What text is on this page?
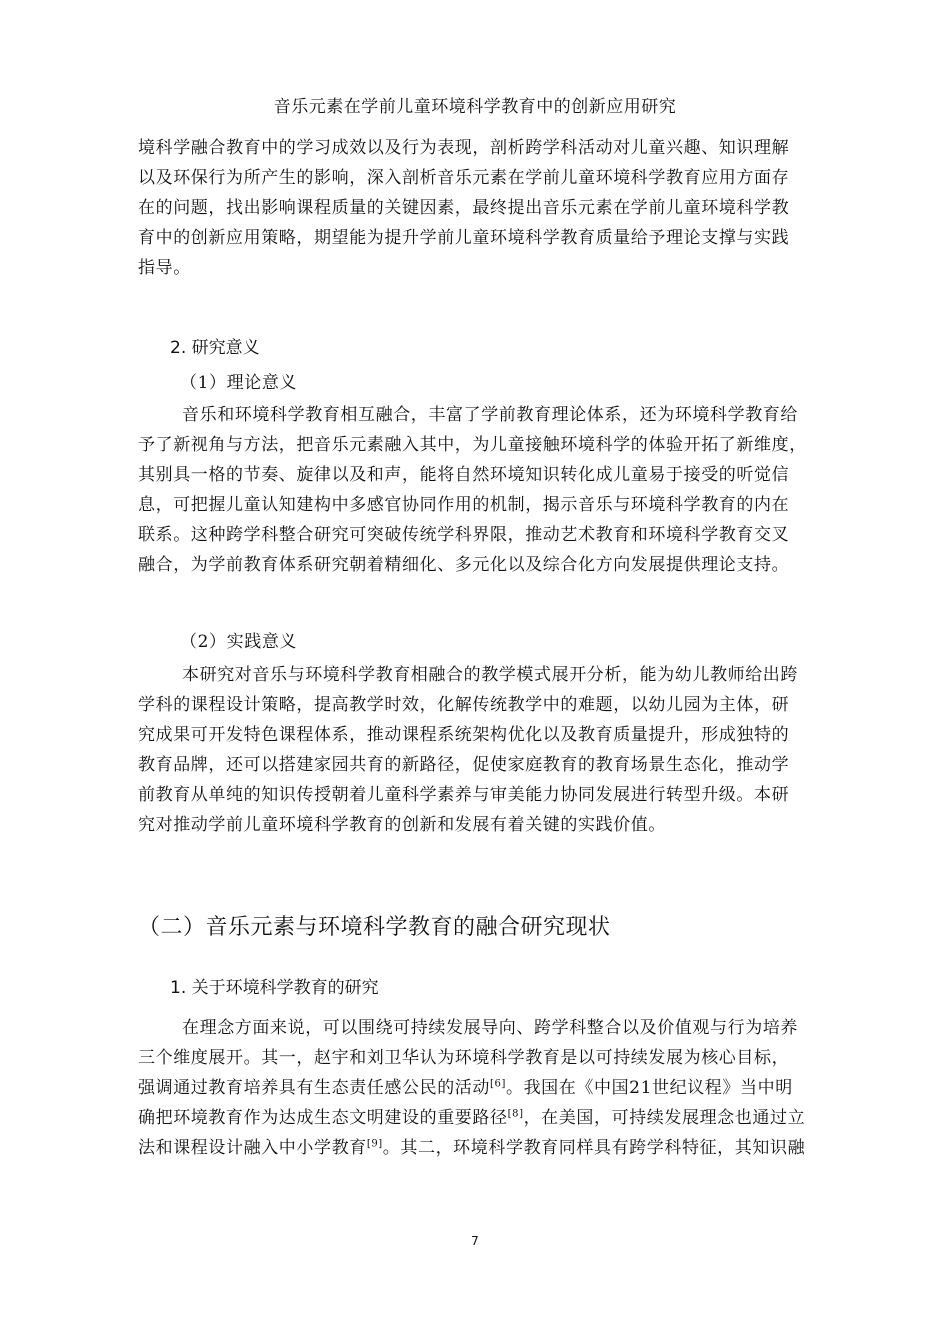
音乐元素在学前儿童环境科学教育中的创新应用研究
境科学融合教育中的学习成效以及行为表现，剖析跨学科活动对儿童兴趣、知识理解
以及环保行为所产生的影响，深入剖析音乐元素在学前儿童环境科学教育应用方面存
在的问题，找出影响课程质量的关键因素，最终提出音乐元素在学前儿童环境科学教
育中的创新应用策略，期望能为提升学前儿童环境科学教育质量给予理论支撑与实践
指导。
2. 研究意义
（1）理论意义
音乐和环境科学教育相互融合，丰富了学前教育理论体系，还为环境科学教育给
予了新视角与方法，把音乐元素融入其中，为儿童接触环境科学的体验开拓了新维度，
其别具一格的节奏、旋律以及和声，能将自然环境知识转化成儿童易于接受的听觉信
息，可把握儿童认知建构中多感官协同作用的机制，揭示音乐与环境科学教育的内在
联系。这种跨学科整合研究可突破传统学科界限，推动艺术教育和环境科学教育交叉
融合，为学前教育体系研究朝着精细化、多元化以及综合化方向发展提供理论支持。
（2）实践意义
本研究对音乐与环境科学教育相融合的教学模式展开分析，能为幼儿教师给出跨
学科的课程设计策略，提高教学时效，化解传统教学中的难题，以幼儿园为主体，研
究成果可开发特色课程体系，推动课程系统架构优化以及教育质量提升，形成独特的
教育品牌，还可以搭建家园共育的新路径，促使家庭教育的教育场景生态化，推动学
前教育从单纯的知识传授朝着儿童科学素养与审美能力协同发展进行转型升级。本研
究对推动学前儿童环境科学教育的创新和发展有着关键的实践价值。
（二）音乐元素与环境科学教育的融合研究现状
1. 关于环境科学教育的研究
在理念方面来说，可以围绕可持续发展导向、跨学科整合以及价值观与行为培养
三个维度展开。其一，赵宇和刘卫华认为环境科学教育是以可持续发展为核心目标，
强调通过教育培养具有生态责任感公民的活动[6]。我国在《中国21世纪议程》当中明
确把环境教育作为达成生态文明建设的重要路径[8]，在美国，可持续发展理念也通过立
法和课程设计融入中小学教育[9]。其二，环境科学教育同样具有跨学科特征，其知识融
7
